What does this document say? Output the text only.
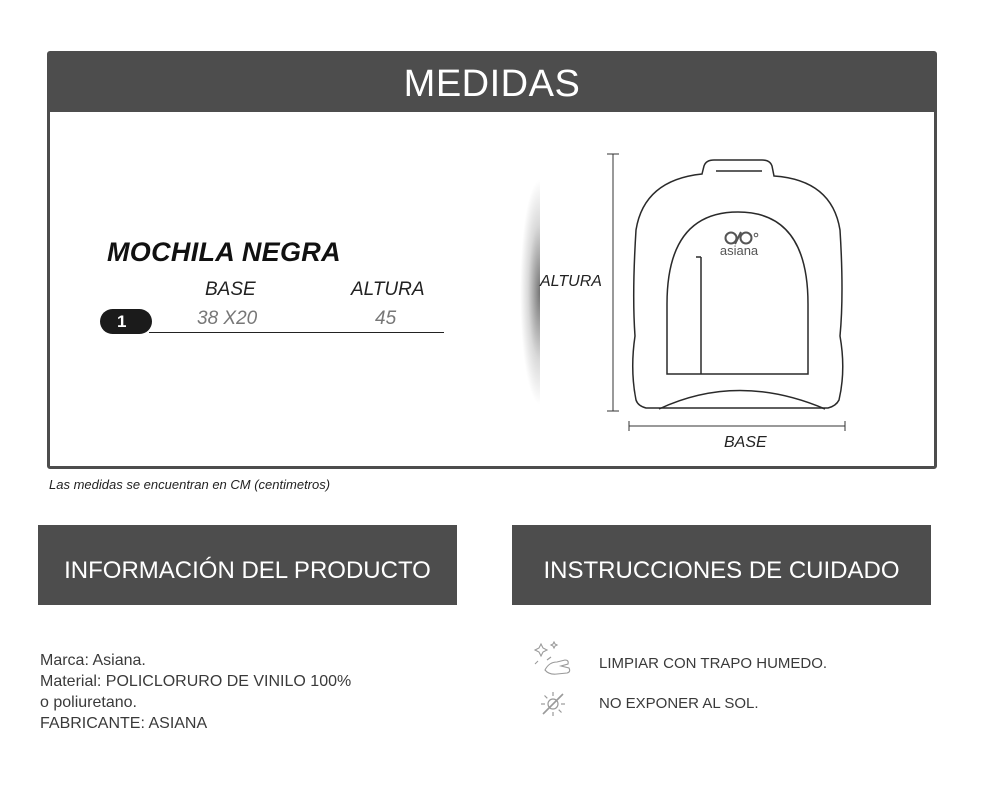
MEDIDAS
MOCHILA NEGRA
BASE	ALTURA
1	38 X20	45
asiana
ALTURA
BASE
Las medidas se encuentran en CM (centimetros)
INFORMACIÓN DEL PRODUCTO	INSTRUCCIONES DE CUIDADO
Marca: Asiana.
Material: POLICLORURO DE VINILO 100%
o poliuretano.
FABRICANTE: ASIANA
LIMPIAR CON TRAPO HUMEDO.
NO EXPONER AL SOL.
